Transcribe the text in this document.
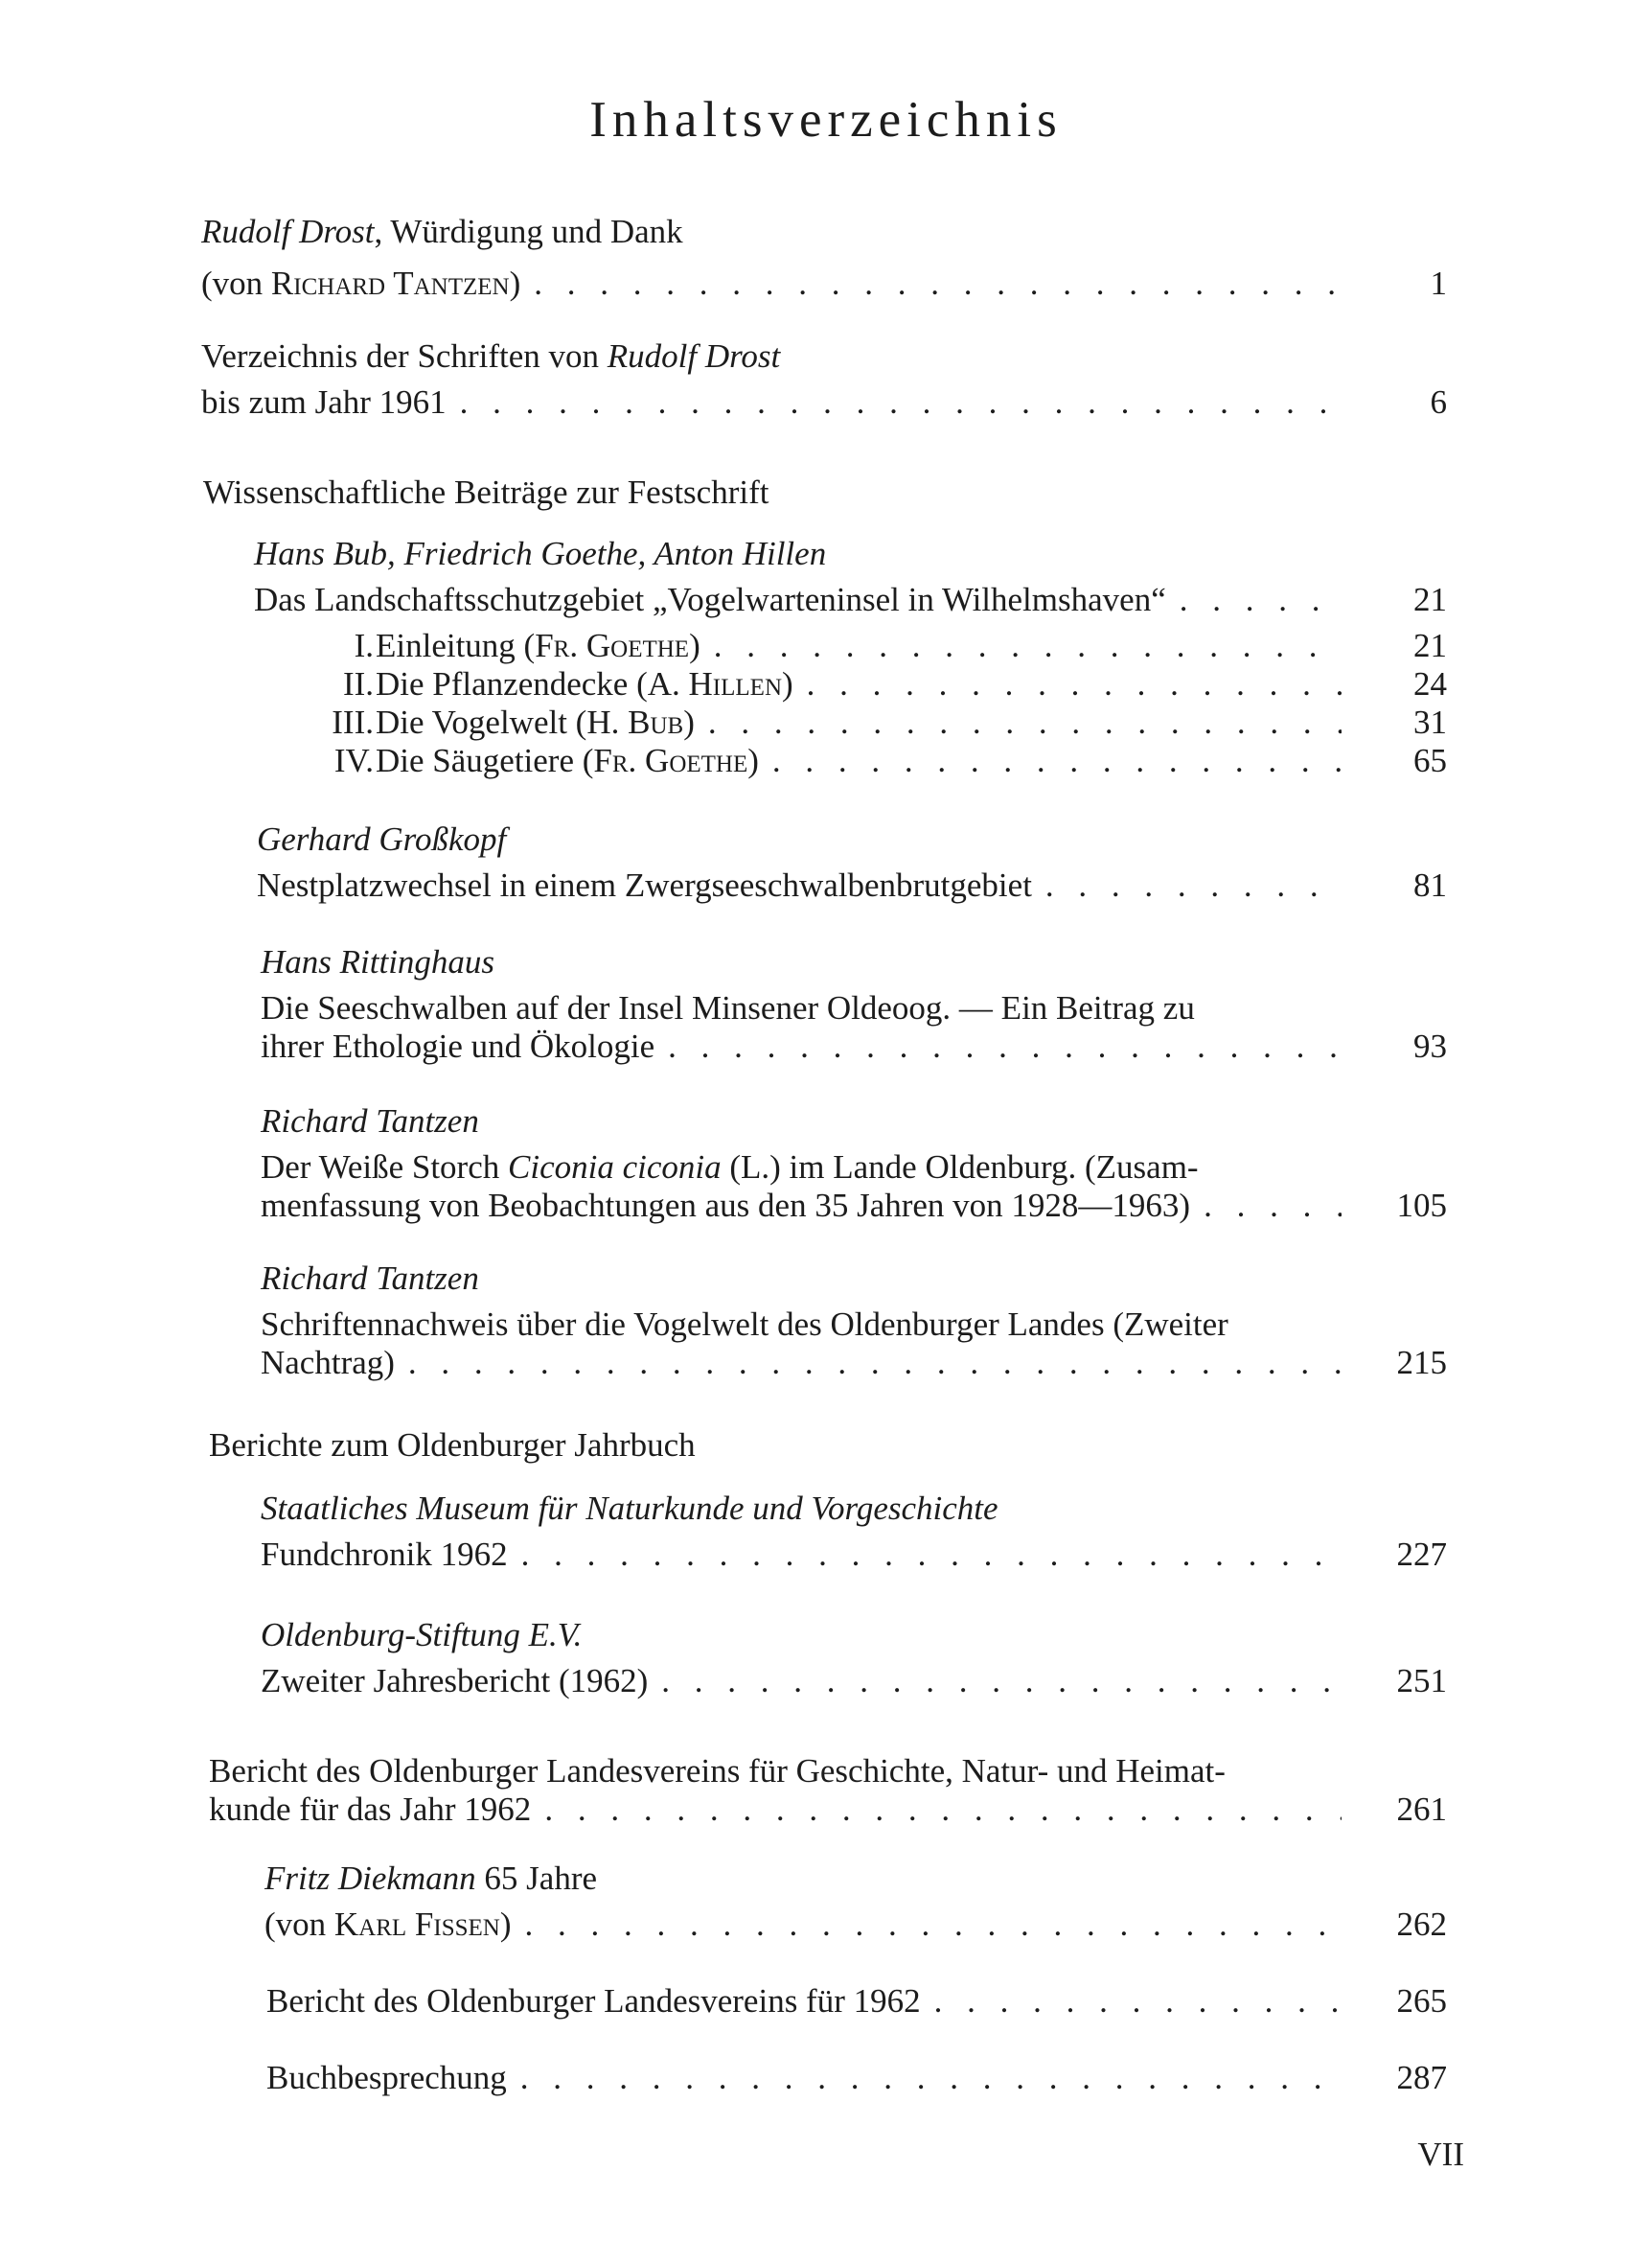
Inhaltsverzeichnis
Rudolf Drost, Würdigung und Dank
(von Richard Tantzen) . . .	1
Verzeichnis der Schriften von Rudolf Drost
bis zum Jahr 1961 . . .	6
Wissenschaftliche Beiträge zur Festschrift
Hans Bub, Friedrich Goethe, Anton Hillen
Das Landschaftsschutzgebiet „Vogelwarteninsel in Wilhelmshaven“ . . .	21
I. Einleitung (Fr. Goethe) . . .	21
II. Die Pflanzendecke (A. Hillen) . . .	24
III. Die Vogelwelt (H. Bub) . . .	31
IV. Die Säugetiere (Fr. Goethe) . . .	65
Gerhard Großkopf
Nestplatzwechsel in einem Zwergseeschwalbenbrutgebiet . . .	81
Hans Rittinghaus
Die Seeschwalben auf der Insel Minsener Oldeoog. — Ein Beitrag zu
ihrer Ethologie und Ökologie . . .	93
Richard Tantzen
Der Weiße Storch Ciconia ciconia (L.) im Lande Oldenburg. (Zusam-
menfassung von Beobachtungen aus den 35 Jahren von 1928—1963) . . .	105
Richard Tantzen
Schriftennachweis über die Vogelwelt des Oldenburger Landes (Zweiter
Nachtrag) . . .	215
Berichte zum Oldenburger Jahrbuch
Staatliches Museum für Naturkunde und Vorgeschichte
Fundchronik 1962 . . .	227
Oldenburg-Stiftung E.V.
Zweiter Jahresbericht (1962) . . .	251
Bericht des Oldenburger Landesvereins für Geschichte, Natur- und Heimat-
kunde für das Jahr 1962 . . .	261
Fritz Diekmann 65 Jahre
(von Karl Fissen) . . .	262
Bericht des Oldenburger Landesvereins für 1962 . . .	265
Buchbesprechung . . .	287
VII
